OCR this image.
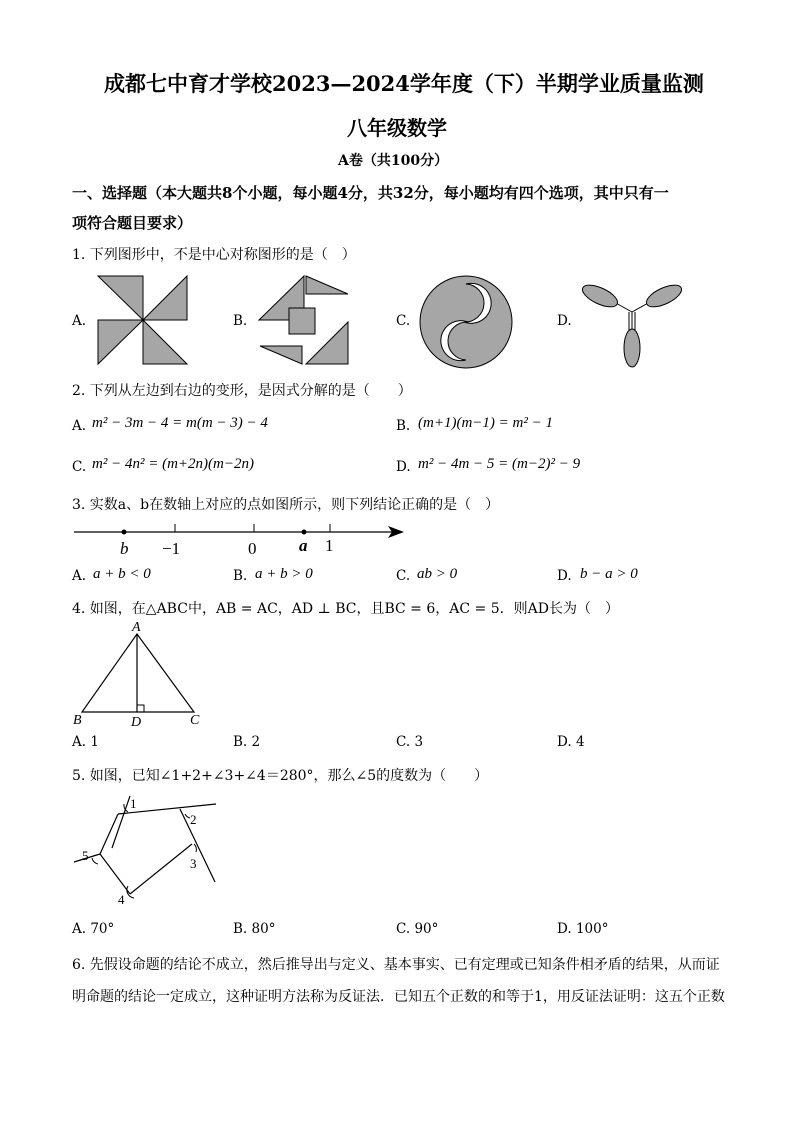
成都七中育才学校2023—2024学年度（下）半期学业质量监测
八年级数学
A卷（共100分）
一、选择题（本大题共8个小题，每小题4分，共32分，每小题均有四个选项，其中只有一
项符合题目要求）
1. 下列图形中，不是中心对称图形的是（　）
A.	B.	C.	D.
2. 下列从左边到右边的变形，是因式分解的是（　　）
A. m² − 3m − 4 = m(m − 3) − 4	B. (m+1)(m−1) = m² − 1
C. m² − 4n² = (m+2n)(m−2n)	D. m² − 4m − 5 = (m−2)² − 9
3. 实数a、b在数轴上对应的点如图所示，则下列结论正确的是（　）
b −1	0	a 1
A. a + b < 0	B. a + b > 0	C. ab > 0	D. b − a > 0
4. 如图，在△ABC中，AB = AC，AD ⊥ BC，且BC = 6，AC = 5．则AD长为（　）
A
B	D	C
A. 1	B. 2	C. 3	D. 4
5. 如图，已知∠1+2+∠3+∠4＝280°，那么∠5的度数为（　　）
1
2
3
4
5
A. 70°	B. 80°	C. 90°	D. 100°
6. 先假设命题的结论不成立，然后推导出与定义、基本事实、已有定理或已知条件相矛盾的结果，从而证
明命题的结论一定成立，这种证明方法称为反证法．已知五个正数的和等于1，用反证法证明：这五个正数
